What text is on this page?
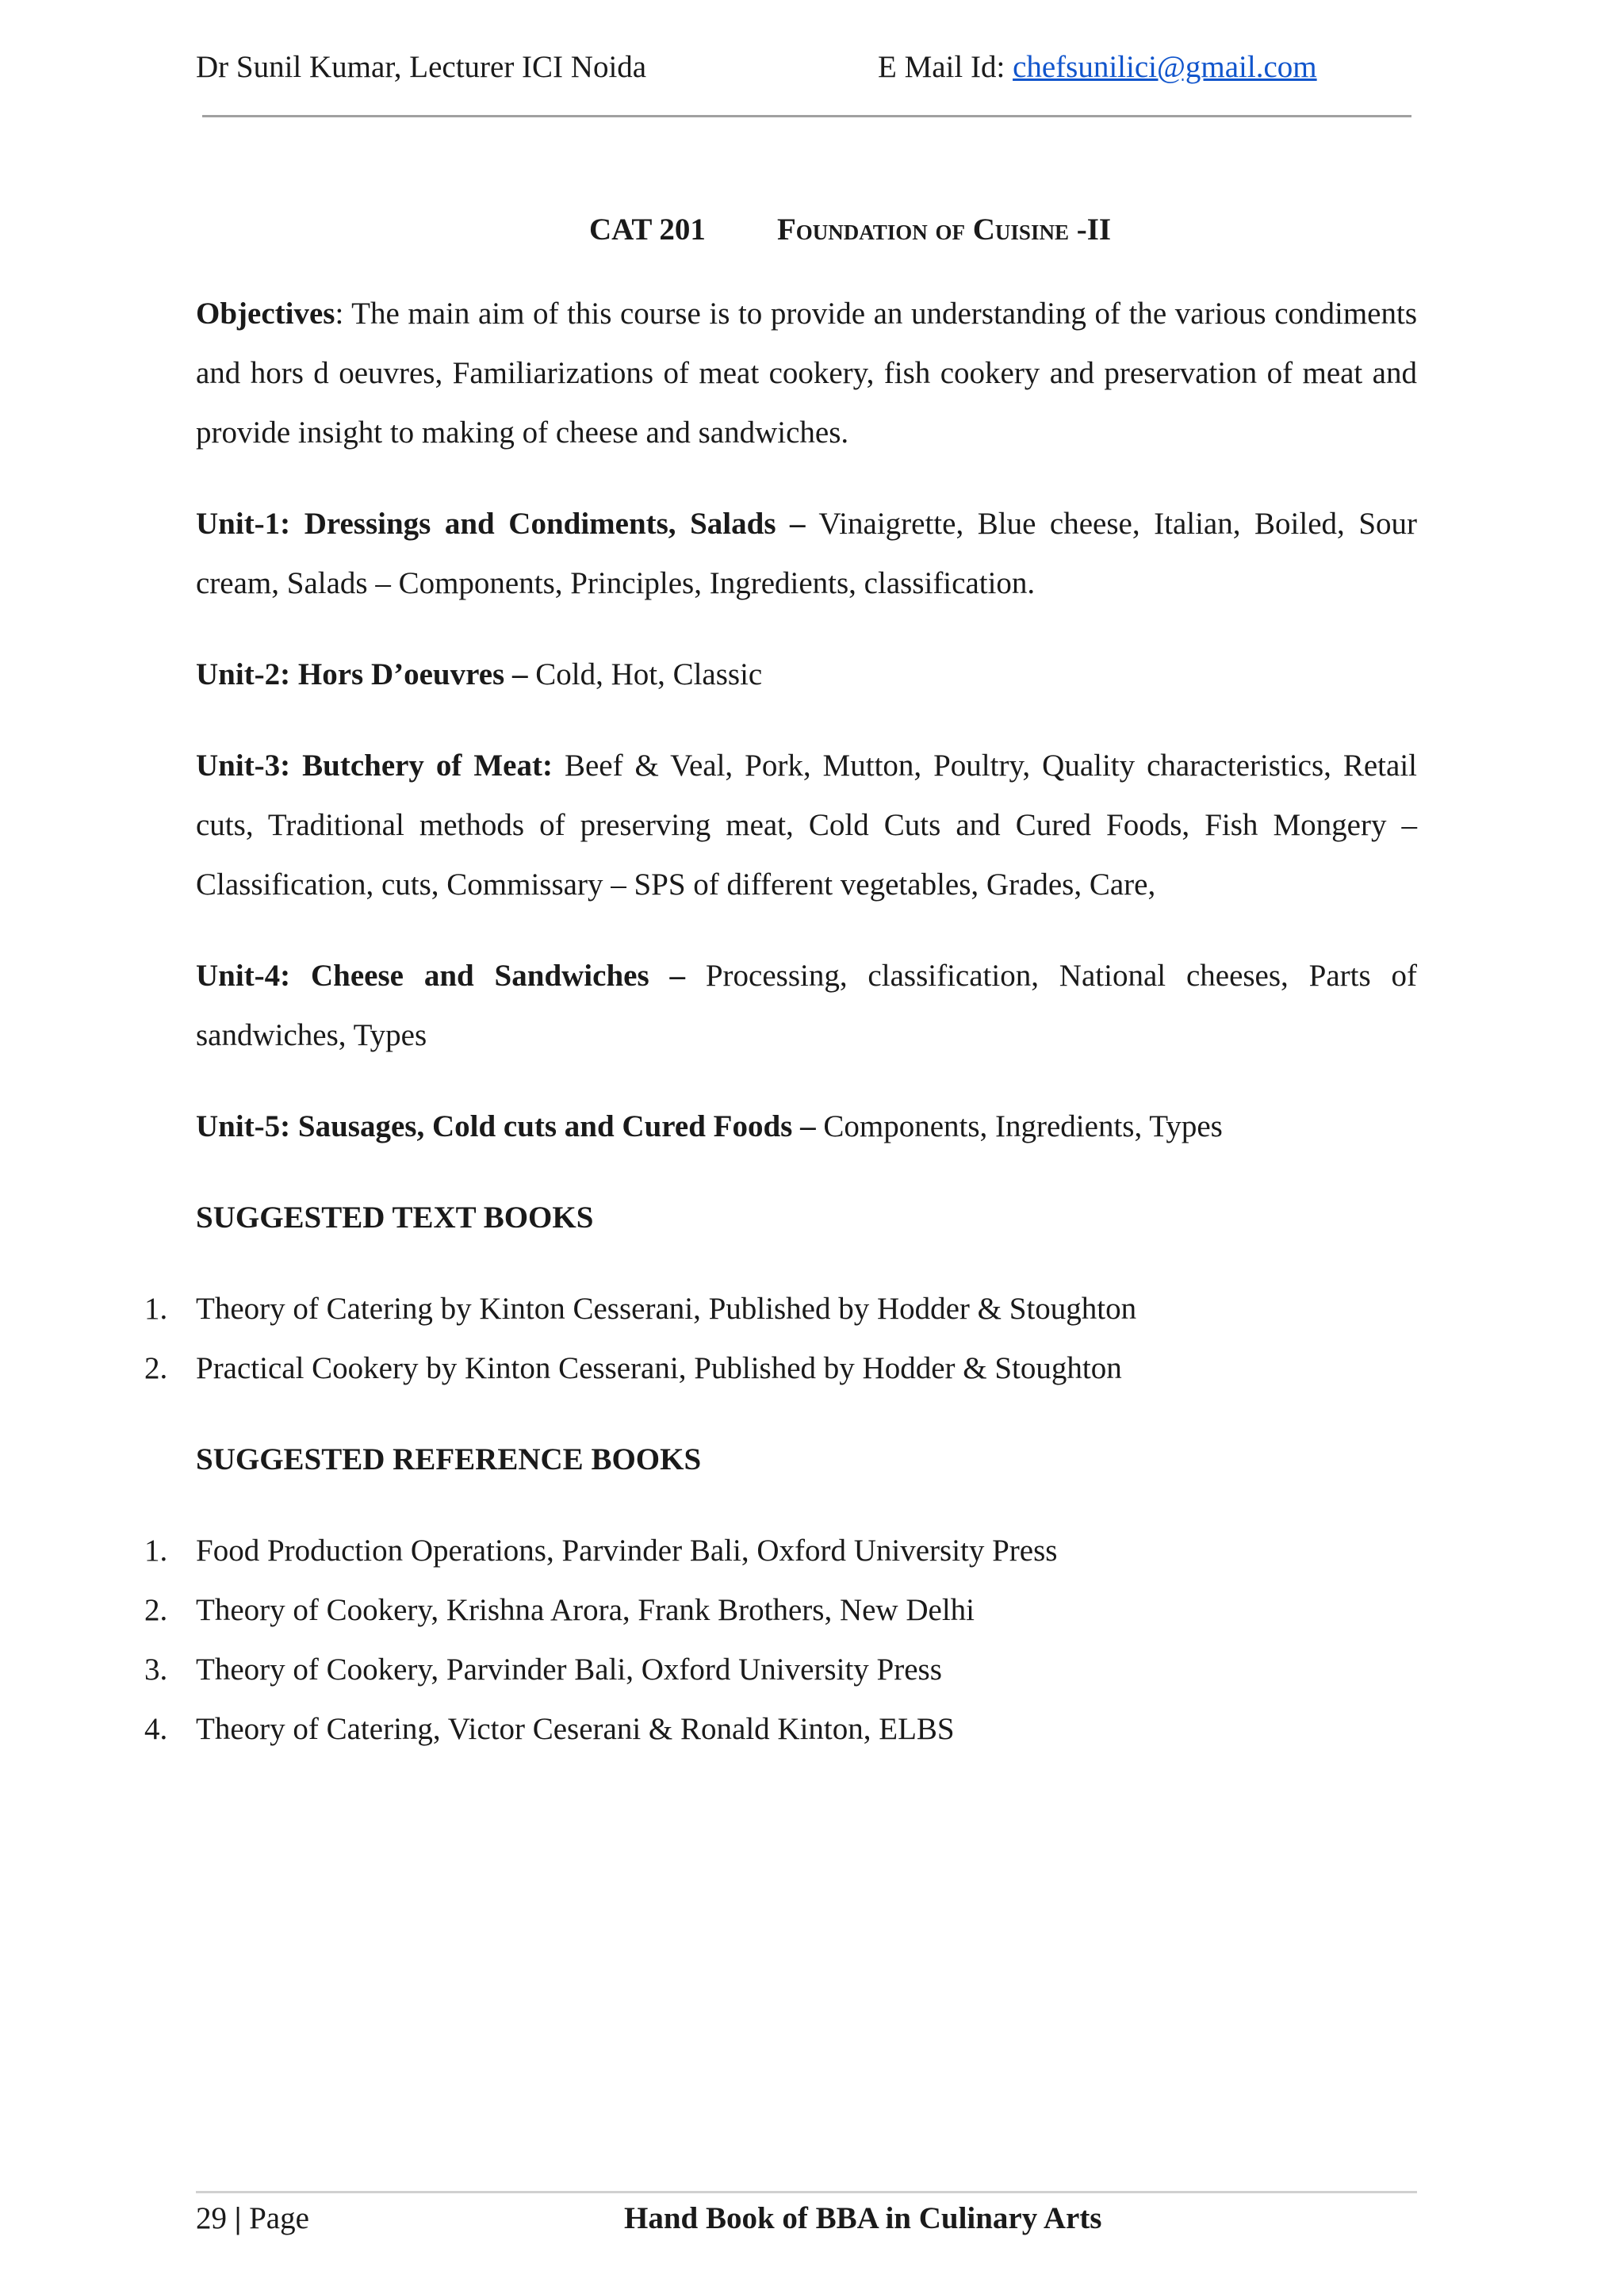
Dr Sunil Kumar, Lecturer ICI Noida	E Mail Id: chefsunilici@gmail.com
CAT 201 Foundation of Cuisine -II

Objectives: The main aim of this course is to provide an understanding of the various condiments and hors d oeuvres, Familiarizations of meat cookery, fish cookery and preservation of meat and provide insight to making of cheese and sandwiches.

Unit-1: Dressings and Condiments, Salads – Vinaigrette, Blue cheese, Italian, Boiled, Sour cream, Salads – Components, Principles, Ingredients, classification.

Unit-2: Hors D’oeuvres – Cold, Hot, Classic

Unit-3: Butchery of Meat: Beef & Veal, Pork, Mutton, Poultry, Quality characteristics, Retail cuts, Traditional methods of preserving meat, Cold Cuts and Cured Foods, Fish Mongery – Classification, cuts, Commissary – SPS of different vegetables, Grades, Care,

Unit-4: Cheese and Sandwiches – Processing, classification, National cheeses, Parts of sandwiches, Types

Unit-5: Sausages, Cold cuts and Cured Foods – Components, Ingredients, Types

SUGGESTED TEXT BOOKS
1. Theory of Catering by Kinton Cesserani, Published by Hodder & Stoughton
2. Practical Cookery by Kinton Cesserani, Published by Hodder & Stoughton
SUGGESTED REFERENCE BOOKS
1. Food Production Operations, Parvinder Bali, Oxford University Press
2. Theory of Cookery, Krishna Arora, Frank Brothers, New Delhi
3. Theory of Cookery, Parvinder Bali, Oxford University Press
4. Theory of Catering, Victor Ceserani & Ronald Kinton, ELBS
29 | Page	Hand Book of BBA in Culinary Arts
